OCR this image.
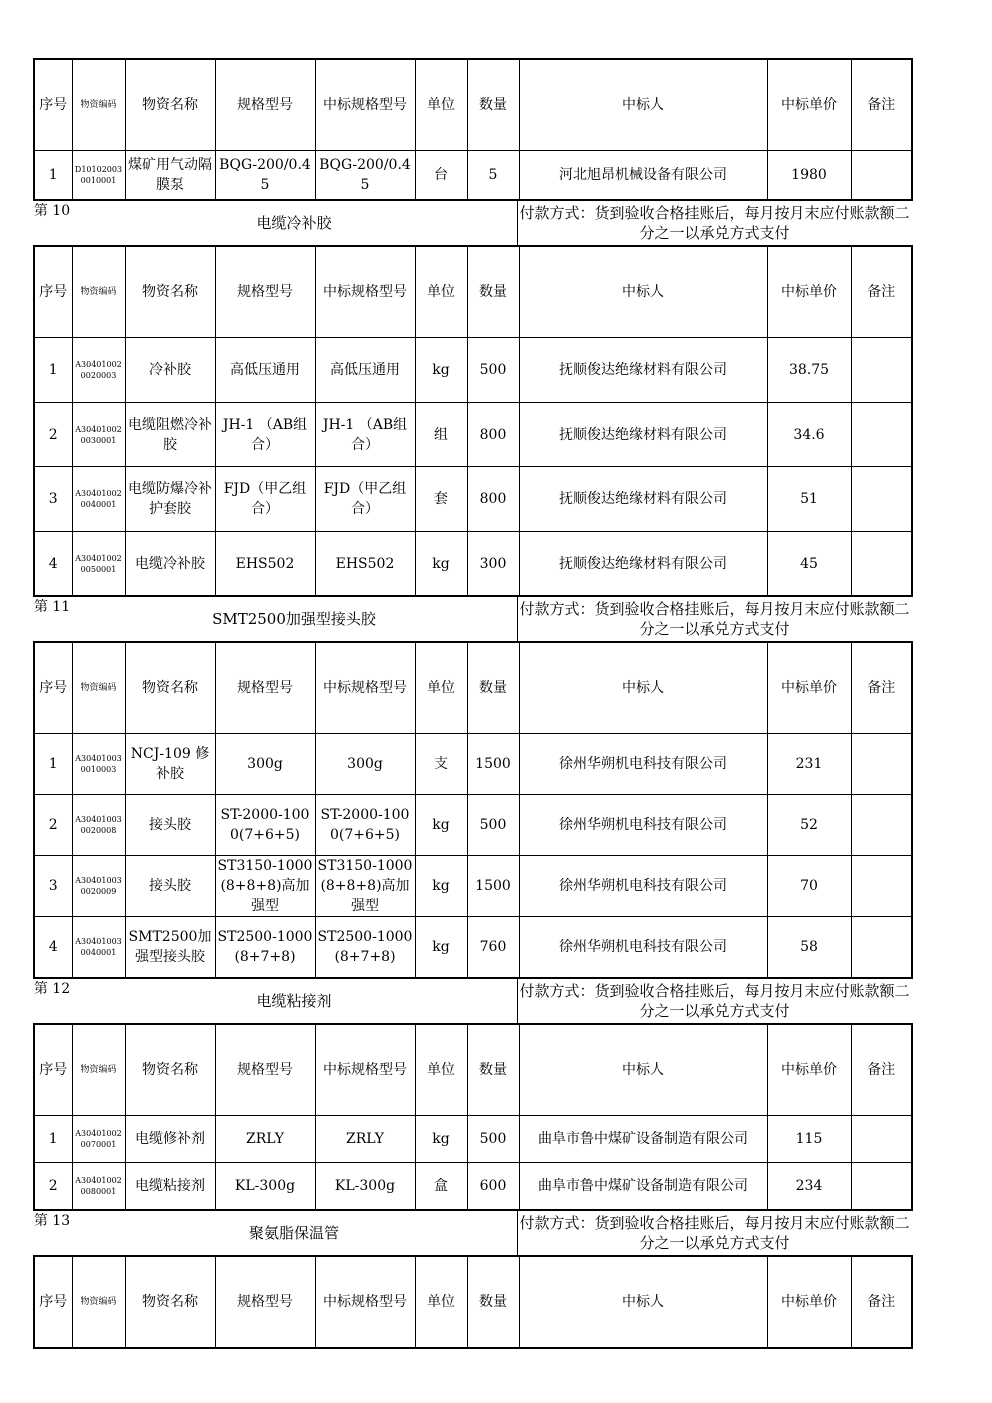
序号	物资编码	物资名称	规格型号	中标规格型号	单位	数量	中标人	中标单价	备注
1	D10102003 0010001	煤矿用气动隔膜泵	BQG-200/0.45	BQG-200/0.45	台	5	河北旭昂机械设备有限公司	1980	
第 10
电缆冷补胶
付款方式：货到验收合格挂账后，每月按月末应付账款额二分之一以承兑方式支付
序号	物资编码	物资名称	规格型号	中标规格型号	单位	数量	中标人	中标单价	备注
1	A30401002 0020003	冷补胶	高低压通用	高低压通用	kg	500	抚顺俊达绝缘材料有限公司	38.75	
2	A30401002 0030001	电缆阻燃冷补胶	JH-1 （AB组合）	JH-1 （AB组合）	组	800	抚顺俊达绝缘材料有限公司	34.6	
3	A30401002 0040001	电缆防爆冷补护套胶	FJD（甲乙组合）	FJD（甲乙组合）	套	800	抚顺俊达绝缘材料有限公司	51	
4	A30401002 0050001	电缆冷补胶	EHS502	EHS502	kg	300	抚顺俊达绝缘材料有限公司	45	
第 11
SMT2500加强型接头胶
付款方式：货到验收合格挂账后，每月按月末应付账款额二分之一以承兑方式支付
序号	物资编码	物资名称	规格型号	中标规格型号	单位	数量	中标人	中标单价	备注
1	A30401003 0010003	NCJ-109 修补胶	300g	300g	支	1500	徐州华朔机电科技有限公司	231	
2	A30401003 0020008	接头胶	ST-2000-1000(7+6+5)	ST-2000-1000(7+6+5)	kg	500	徐州华朔机电科技有限公司	52	
3	A30401003 0020009	接头胶	ST3150-1000(8+8+8)高加强型	ST3150-1000(8+8+8)高加强型	kg	1500	徐州华朔机电科技有限公司	70	
4	A30401003 0040001	SMT2500加强型接头胶	ST2500-1000(8+7+8)	ST2500-1000(8+7+8)	kg	760	徐州华朔机电科技有限公司	58	
第 12
电缆粘接剂
付款方式：货到验收合格挂账后，每月按月末应付账款额二分之一以承兑方式支付
序号	物资编码	物资名称	规格型号	中标规格型号	单位	数量	中标人	中标单价	备注
1	A30401002 0070001	电缆修补剂	ZRLY	ZRLY	kg	500	曲阜市鲁中煤矿设备制造有限公司	115	
2	A30401002 0080001	电缆粘接剂	KL-300g	KL-300g	盒	600	曲阜市鲁中煤矿设备制造有限公司	234	
第 13
聚氨脂保温管
付款方式：货到验收合格挂账后，每月按月末应付账款额二分之一以承兑方式支付
序号	物资编码	物资名称	规格型号	中标规格型号	单位	数量	中标人	中标单价	备注
